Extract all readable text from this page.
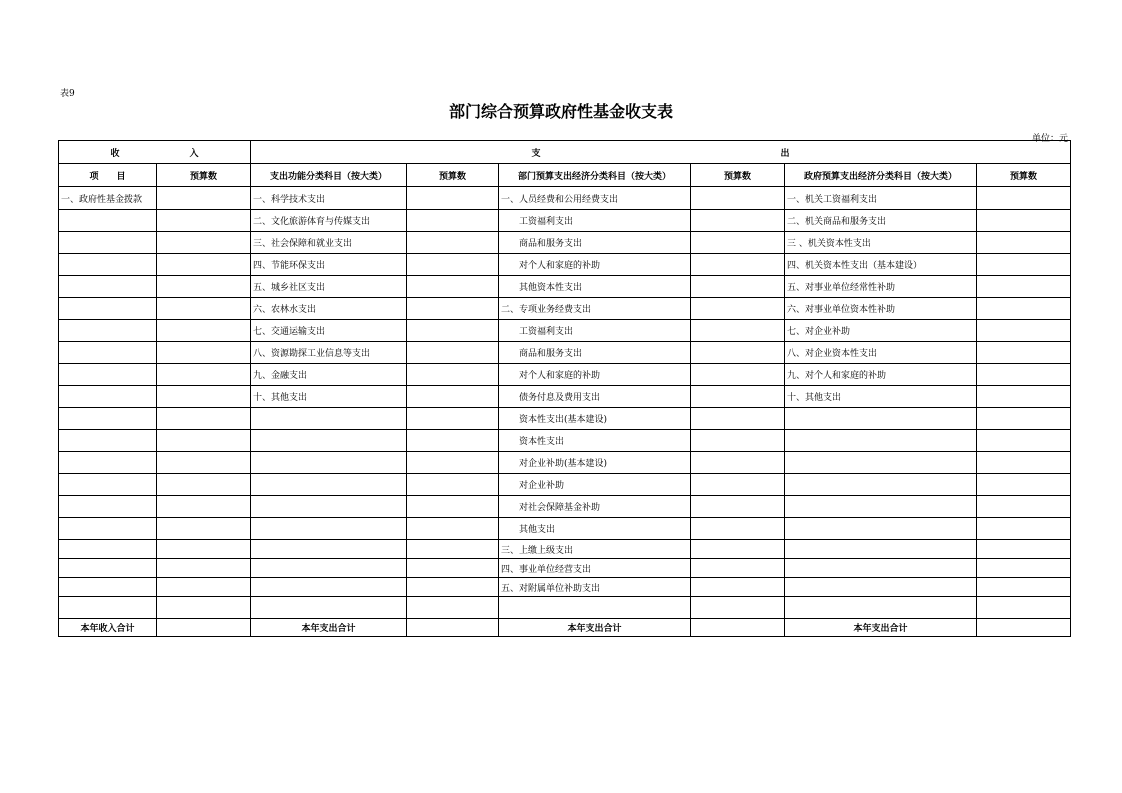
表9
部门综合预算政府性基金收支表
单位：元
收 入		支 出					
项　　目	预算数	支出功能分类科目（按大类）	预算数	部门预算支出经济分类科目（按大类）	预算数	政府预算支出经济分类科目（按大类）	预算数
一、政府性基金拨款		一、科学技术支出		一、人员经费和公用经费支出		一、机关工资福利支出	
		二、文化旅游体育与传媒支出		工资福利支出		二、机关商品和服务支出	
		三、社会保障和就业支出		商品和服务支出		三 、机关资本性支出	
		四、节能环保支出		对个人和家庭的补助		四、机关资本性支出（基本建设）	
		五、城乡社区支出		其他资本性支出		五、对事业单位经常性补助	
		六、农林水支出		二、专项业务经费支出		六、对事业单位资本性补助	
		七、交通运输支出		工资福利支出		七、对企业补助	
		八、资源勘探工业信息等支出		商品和服务支出		八、对企业资本性支出	
		九、金融支出		对个人和家庭的补助		九、对个人和家庭的补助	
		十、其他支出		债务付息及费用支出		十、其他支出	
				资本性支出(基本建设)			
				资本性支出			
				对企业补助(基本建设)			
				对企业补助			
				对社会保障基金补助			
				其他支出			
				三、上缴上级支出			
				四、事业单位经营支出			
				五、对附属单位补助支出			

本年收入合计		本年支出合计		本年支出合计		本年支出合计	
